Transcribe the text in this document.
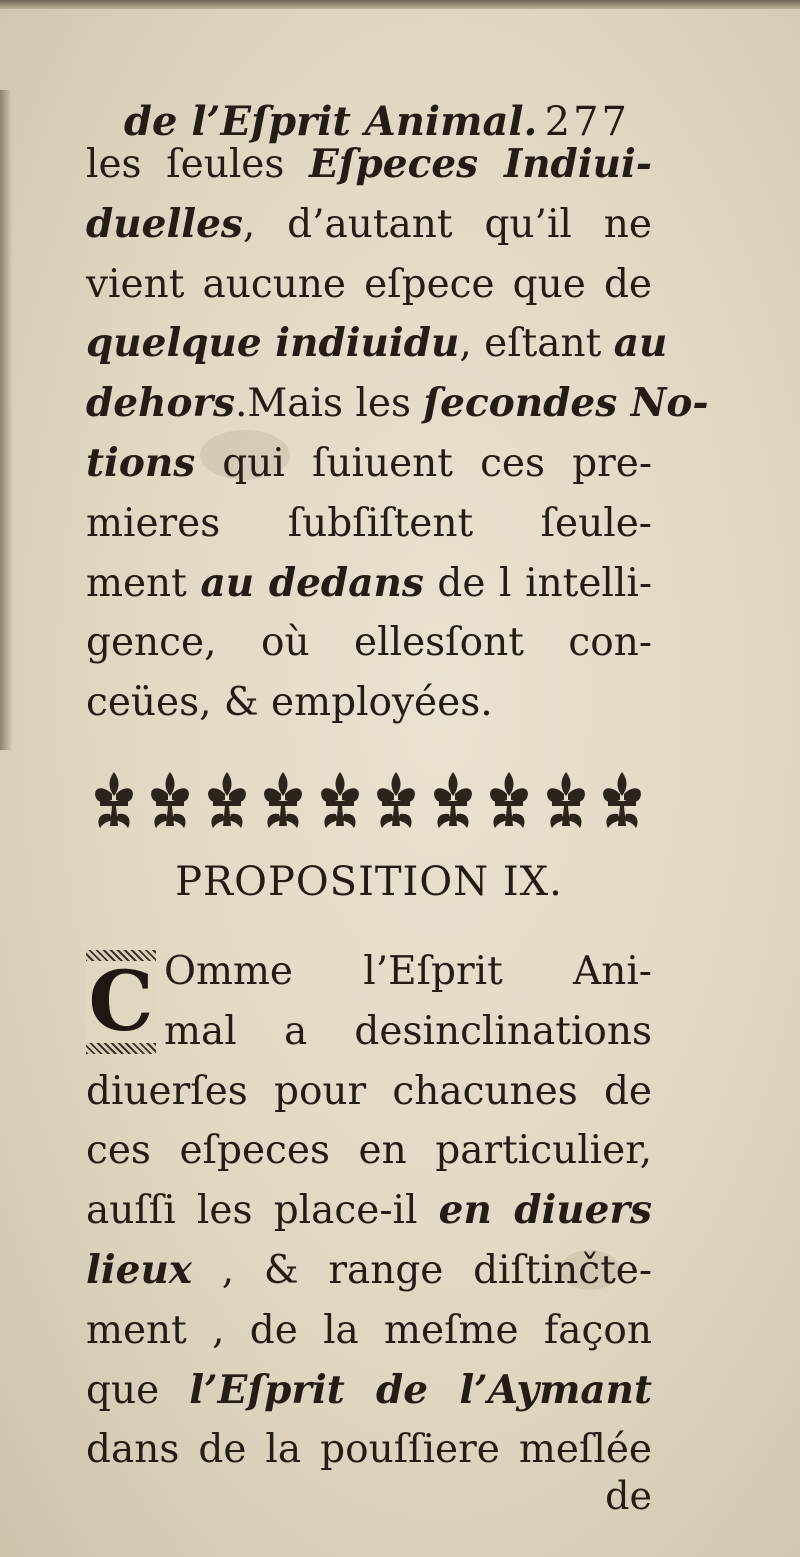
de l’Eſprit Animal. 277
les ſeules Eſpeces Indiui-
duelles, d’autant qu’il ne
vient aucune eſpece que de
quelque indiuidu, eſtant au
dehors.Mais les ſecondes No-
tions qui ſuiuent ces pre-
mieres ſubſiſtent ſeule-
ment au dedans de l intelli-
gence, où ellesſont con-
ceües, & employées.
PROPOSITION IX.
C Omme l’Eſprit Ani-
mal a desinclinations
diuerſes pour chacunes de
ces eſpeces en particulier,
auſſi les place-il en diuers
lieux , & range diſtinčte-
ment , de la meſme façon
que l’Eſprit de l’Aymant
dans de la pouſſiere meſlée
de
